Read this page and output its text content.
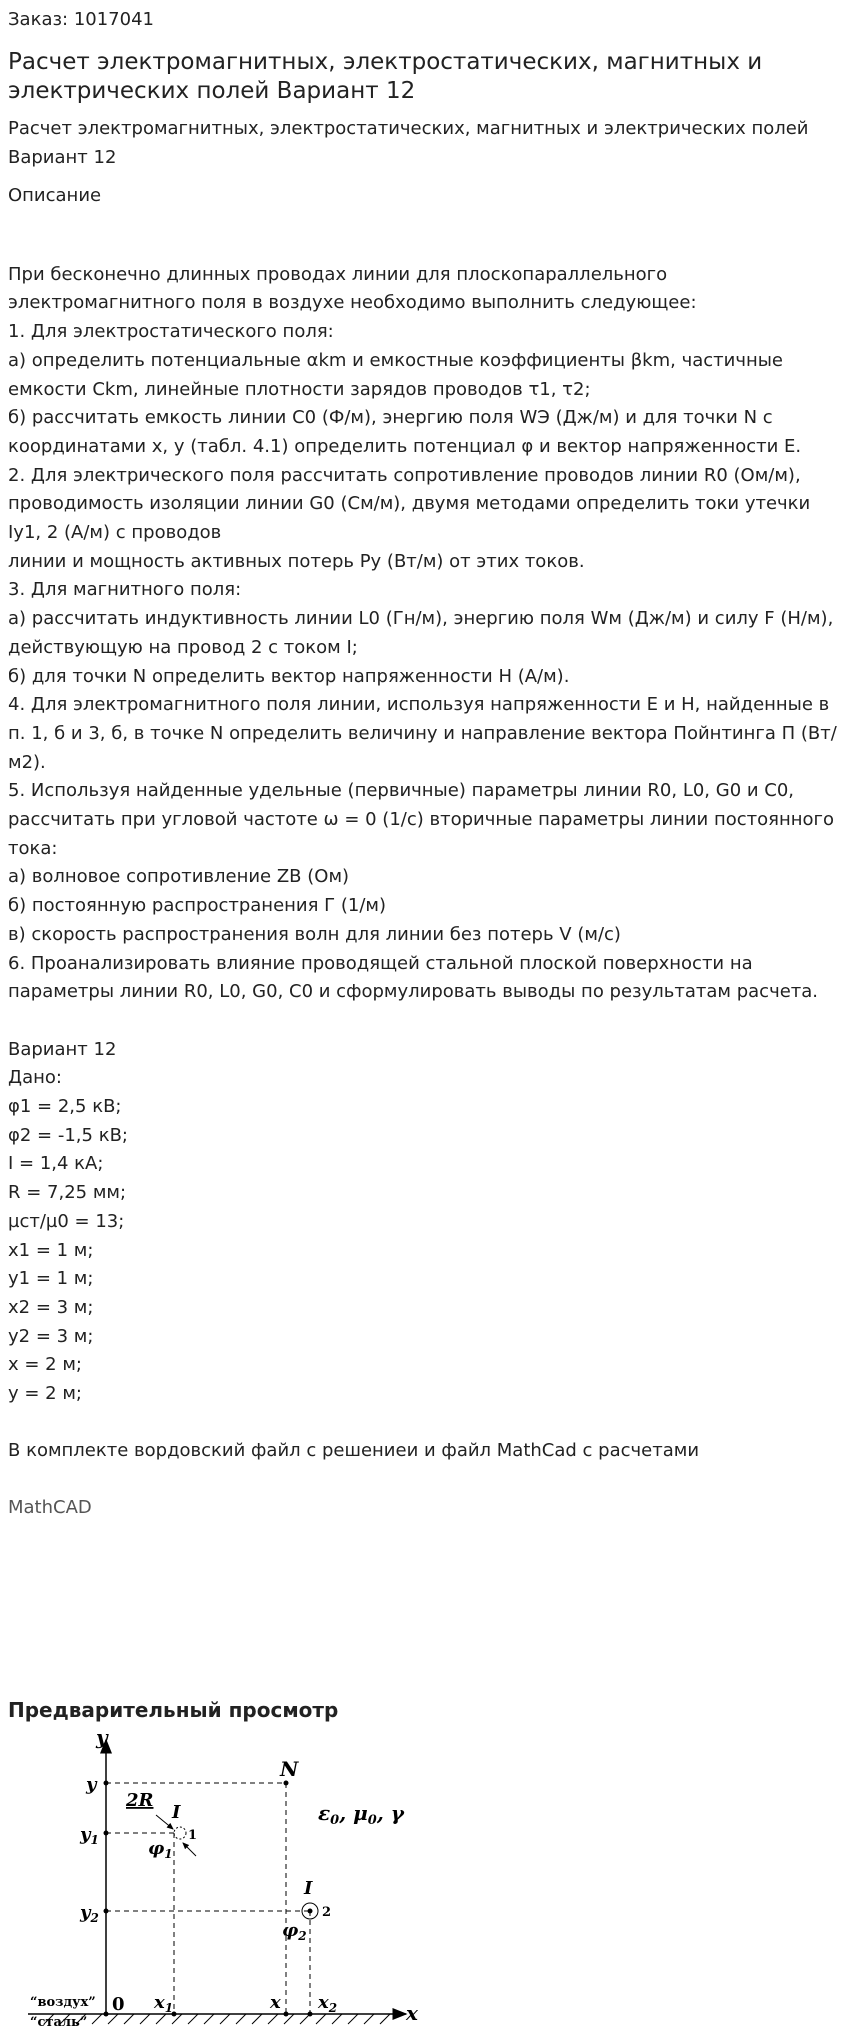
Заказ: 1017041
Расчет электромагнитных, электростатических, магнитных и электрических полей Вариант 12
Расчет электромагнитных, электростатических, магнитных и электрических полей Вариант 12
Описание

При бесконечно длинных проводах линии для плоскопараллельного электромагнитного поля в воздухе необходимо выполнить следующее:

1. Для электростатического поля:

а) определить потенциальные αkm и емкостные коэффициенты βkm, частичные емкости Ckm, линейные плотности зарядов проводов τ1, τ2;

б) рассчитать емкость линии С0 (Ф/м), энергию поля WЭ (Дж/м) и для точки N с координатами x, y (табл. 4.1) определить потенциал φ и вектор напряженности Е.

2. Для электрического поля рассчитать сопротивление проводов линии R0 (Ом/м), проводимость изоляции линии G0 (См/м), двумя методами определить токи утечки Iу1, 2 (А/м) с проводов

линии и мощность активных потерь Ру (Вт/м) от этих токов.

3. Для магнитного поля:

а) рассчитать индуктивность линии L0 (Гн/м), энергию поля Wм (Дж/м) и силу F (Н/м), действующую на провод 2 с током I;

б) для точки N определить вектор напряженности Н (А/м).

4. Для электромагнитного поля линии, используя напряженности Е и Н, найденные в п. 1, б и 3, б, в точке N определить величину и направление вектора Пойнтинга П (Вт/м2).

5. Используя найденные удельные (первичные) параметры линии R0, L0, G0 и C0, рассчитать при угловой частоте ω = 0 (1/c) вторичные параметры линии постоянного тока:

а) волновое сопротивление ZВ (Ом)

б) постоянную распространения Г (1/м)

в) скорость распространения волн для линии без потерь V (м/с)

6. Проанализировать влияние проводящей стальной плоской поверхности на параметры линии R0, L0, G0, C0 и сформулировать выводы по результатам расчета.

Вариант 12

Дано:

φ1 = 2,5 кВ;

φ2 = -1,5 кВ;

I = 1,4 кА;

R = 7,25 мм;

µст/µ0 = 13;

x1 = 1 м;

y1 = 1 м;

x2 = 3 м;

y2 = 3 м;

x = 2 м;

y = 2 м;

В комплекте вордовский файл с решениеи и файл MathCad с расчетами

MathCAD
Предварительный просмотр
y
x
y
$y_1$
$y_2$
0 $x_1$	x $x_2$
N
2R
I
1
$\varphi_1$
I
2
$\varphi_2$
$\varepsilon_0$, $\mu_0$, γ
“воздух”
“сталь”
